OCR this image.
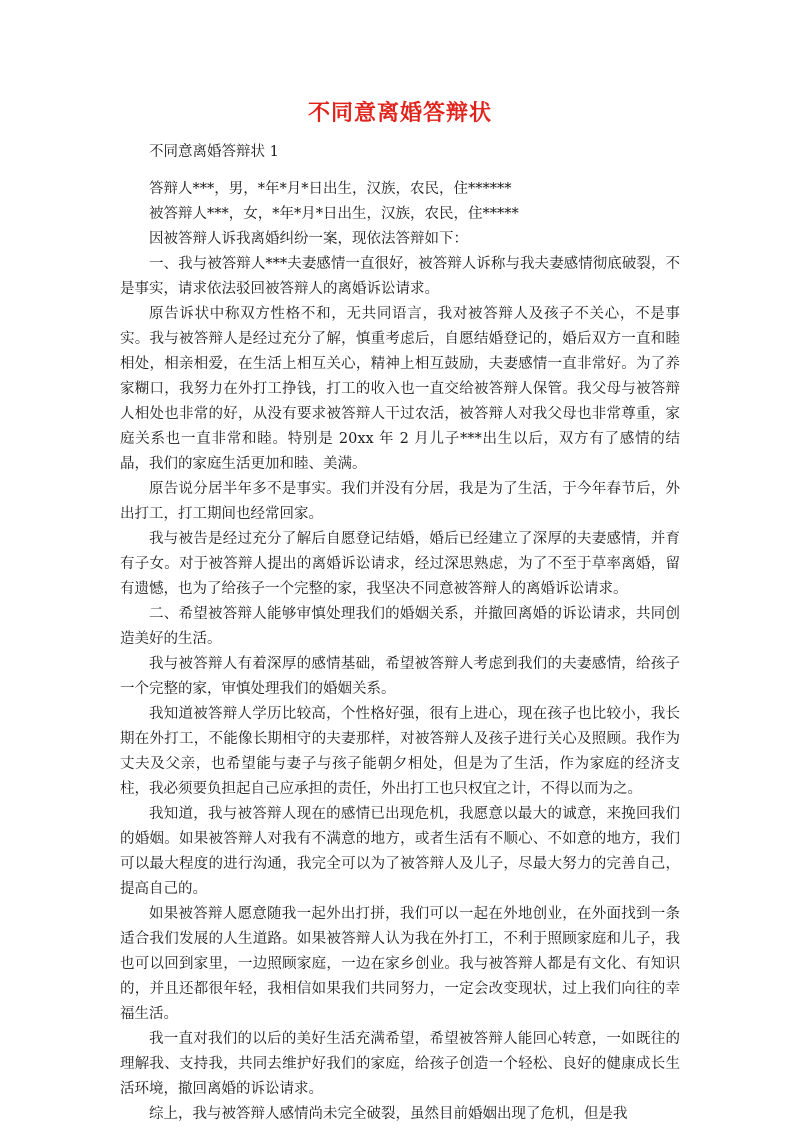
不同意离婚答辩状
不同意离婚答辩状 1

答辩人***，男，*年*月*日出生，汉族，农民，住******

被答辩人***，女，*年*月*日出生，汉族，农民，住*****

因被答辩人诉我离婚纠纷一案，现依法答辩如下：

一、我与被答辩人***夫妻感情一直很好，被答辩人诉称与我夫妻感情彻底破裂，不是事实，请求依法驳回被答辩人的离婚诉讼请求。

原告诉状中称双方性格不和，无共同语言，我对被答辩人及孩子不关心，不是事实。我与被答辩人是经过充分了解，慎重考虑后，自愿结婚登记的，婚后双方一直和睦相处，相亲相爱，在生活上相互关心，精神上相互鼓励，夫妻感情一直非常好。为了养家糊口，我努力在外打工挣钱，打工的收入也一直交给被答辩人保管。我父母与被答辩人相处也非常的好，从没有要求被答辩人干过农活，被答辩人对我父母也非常尊重，家庭关系也一直非常和睦。特别是 20xx 年 2 月儿子***出生以后，双方有了感情的结晶，我们的家庭生活更加和睦、美满。

原告说分居半年多不是事实。我们并没有分居，我是为了生活，于今年春节后，外出打工，打工期间也经常回家。

我与被告是经过充分了解后自愿登记结婚，婚后已经建立了深厚的夫妻感情，并育有子女。对于被答辩人提出的离婚诉讼请求，经过深思熟虑，为了不至于草率离婚，留有遗憾，也为了给孩子一个完整的家，我坚决不同意被答辩人的离婚诉讼请求。

二、希望被答辩人能够审慎处理我们的婚姻关系，并撤回离婚的诉讼请求，共同创造美好的生活。

我与被答辩人有着深厚的感情基础，希望被答辩人考虑到我们的夫妻感情，给孩子一个完整的家，审慎处理我们的婚姻关系。

我知道被答辩人学历比较高，个性格好强，很有上进心，现在孩子也比较小，我长期在外打工，不能像长期相守的夫妻那样，对被答辩人及孩子进行关心及照顾。我作为丈夫及父亲，也希望能与妻子与孩子能朝夕相处，但是为了生活，作为家庭的经济支柱，我必须要负担起自己应承担的责任，外出打工也只权宜之计，不得以而为之。

我知道，我与被答辩人现在的感情已出现危机，我愿意以最大的诚意，来挽回我们的婚姻。如果被答辩人对我有不满意的地方，或者生活有不顺心、不如意的地方，我们可以最大程度的进行沟通，我完全可以为了被答辩人及儿子，尽最大努力的完善自己，提高自己的。

如果被答辩人愿意随我一起外出打拼，我们可以一起在外地创业，在外面找到一条适合我们发展的人生道路。如果被答辩人认为我在外打工，不利于照顾家庭和儿子，我也可以回到家里，一边照顾家庭，一边在家乡创业。我与被答辩人都是有文化、有知识的，并且还都很年轻，我相信如果我们共同努力，一定会改变现状，过上我们向往的幸福生活。

我一直对我们的以后的美好生活充满希望，希望被答辩人能回心转意，一如既往的理解我、支持我，共同去维护好我们的家庭，给孩子创造一个轻松、良好的健康成长生活环境，撤回离婚的诉讼请求。

综上，我与被答辩人感情尚未完全破裂，虽然目前婚姻出现了危机，但是我
